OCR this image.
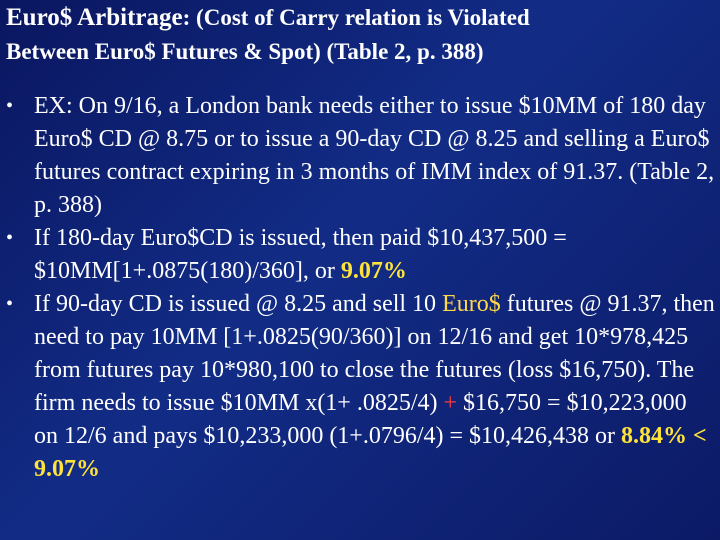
Euro$ Arbitrage: (Cost of Carry relation is Violated
Between Euro$ Futures & Spot) (Table 2, p. 388)
• EX: On 9/16, a London bank needs either to issue $10MM of 180 day Euro$ CD @ 8.75 or to issue a 90-day CD @ 8.25 and selling a Euro$ futures contract expiring in 3 months of IMM index of 91.37. (Table 2, p. 388)
• If 180-day Euro$CD is issued, then paid $10,437,500 = $10MM[1+.0875(180)/360], or 9.07%
• If 90-day CD is issued @ 8.25 and sell 10 Euro$ futures @ 91.37, then need to pay 10MM [1+.0825(90/360)] on 12/16 and get 10*978,425 from futures pay 10*980,100 to close the futures (loss $16,750). The firm needs to issue $10MM x(1+ .0825/4) + $16,750 = $10,223,000 on 12/6 and pays $10,233,000 (1+.0796/4) = $10,426,438 or 8.84% < 9.07%
